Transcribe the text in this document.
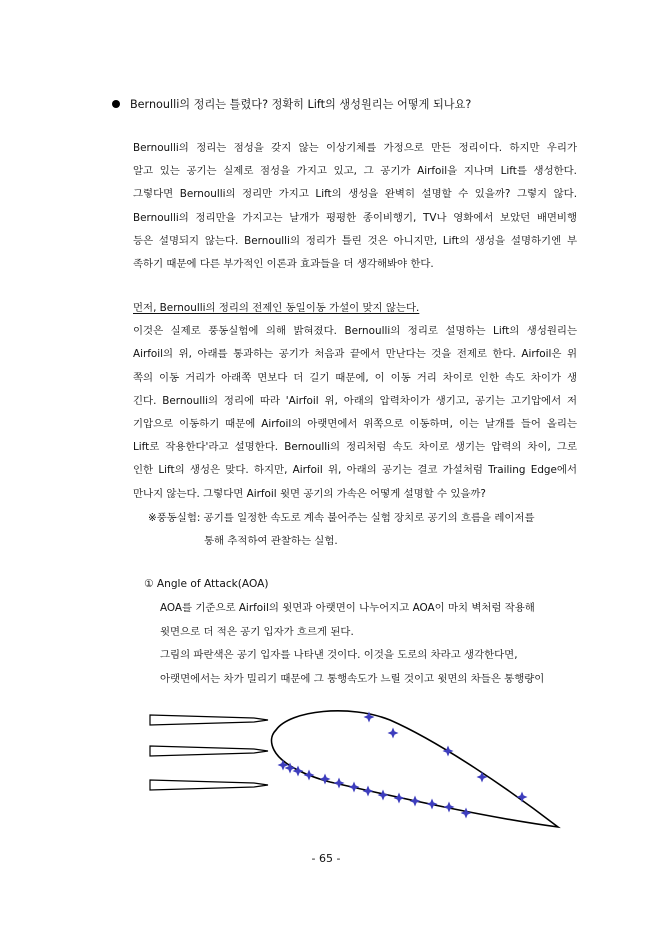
Bernoulli의 정리는 틀렸다? 정확히 Lift의 생성원리는 어떻게 되나요?

Bernoulli의 정리는 점성을 갖지 않는 이상기체를 가정으로 만든 정리이다. 하지만 우리가
알고 있는 공기는 실제로 점성을 가지고 있고, 그 공기가 Airfoil을 지나며 Lift를 생성한다.
그렇다면 Bernoulli의 정리만 가지고 Lift의 생성을 완벽히 설명할 수 있을까? 그렇지 않다.
Bernoulli의 정리만을 가지고는 날개가 평평한 종이비행기, TV나 영화에서 보았던 배면비행
등은 설명되지 않는다. Bernoulli의 정리가 틀린 것은 아니지만, Lift의 생성을 설명하기엔 부
족하기 때문에 다른 부가적인 이론과 효과들을 더 생각해봐야 한다.

먼저, Bernoulli의 정리의 전제인 동일이동 가설이 맞지 않는다.
이것은 실제로 풍동실험에 의해 밝혀졌다. Bernoulli의 정리로 설명하는 Lift의 생성원리는
Airfoil의 위, 아래를 통과하는 공기가 처음과 끝에서 만난다는 것을 전제로 한다. Airfoil은 위
쪽의 이동 거리가 아래쪽 면보다 더 길기 때문에, 이 이동 거리 차이로 인한 속도 차이가 생
긴다. Bernoulli의 정리에 따라 'Airfoil 위, 아래의 압력차이가 생기고, 공기는 고기압에서 저
기압으로 이동하기 때문에 Airfoil의 아랫면에서 위쪽으로 이동하며, 이는 날개를 들어 올리는
Lift로 작용한다'라고 설명한다. Bernoulli의 정리처럼 속도 차이로 생기는 압력의 차이, 그로
인한 Lift의 생성은 맞다. 하지만, Airfoil 위, 아래의 공기는 결코 가설처럼 Trailing Edge에서
만나지 않는다. 그렇다면 Airfoil 윗면 공기의 가속은 어떻게 설명할 수 있을까?

※풍동실험: 공기를 일정한 속도로 계속 불어주는 실험 장치로 공기의 흐름을 레이저를
통해 추적하여 관찰하는 실험.
① Angle of Attack(AOA)
AOA를 기준으로 Airfoil의 윗면과 아랫면이 나누어지고 AOA이 마치 벽처럼 작용해
윗면으로 더 적은 공기 입자가 흐르게 된다.
그림의 파란색은 공기 입자를 나타낸 것이다. 이것을 도로의 차라고 생각한다면,
아랫면에서는 차가 밀리기 때문에 그 통행속도가 느릴 것이고 윗면의 차들은 통행량이
- 65 -
